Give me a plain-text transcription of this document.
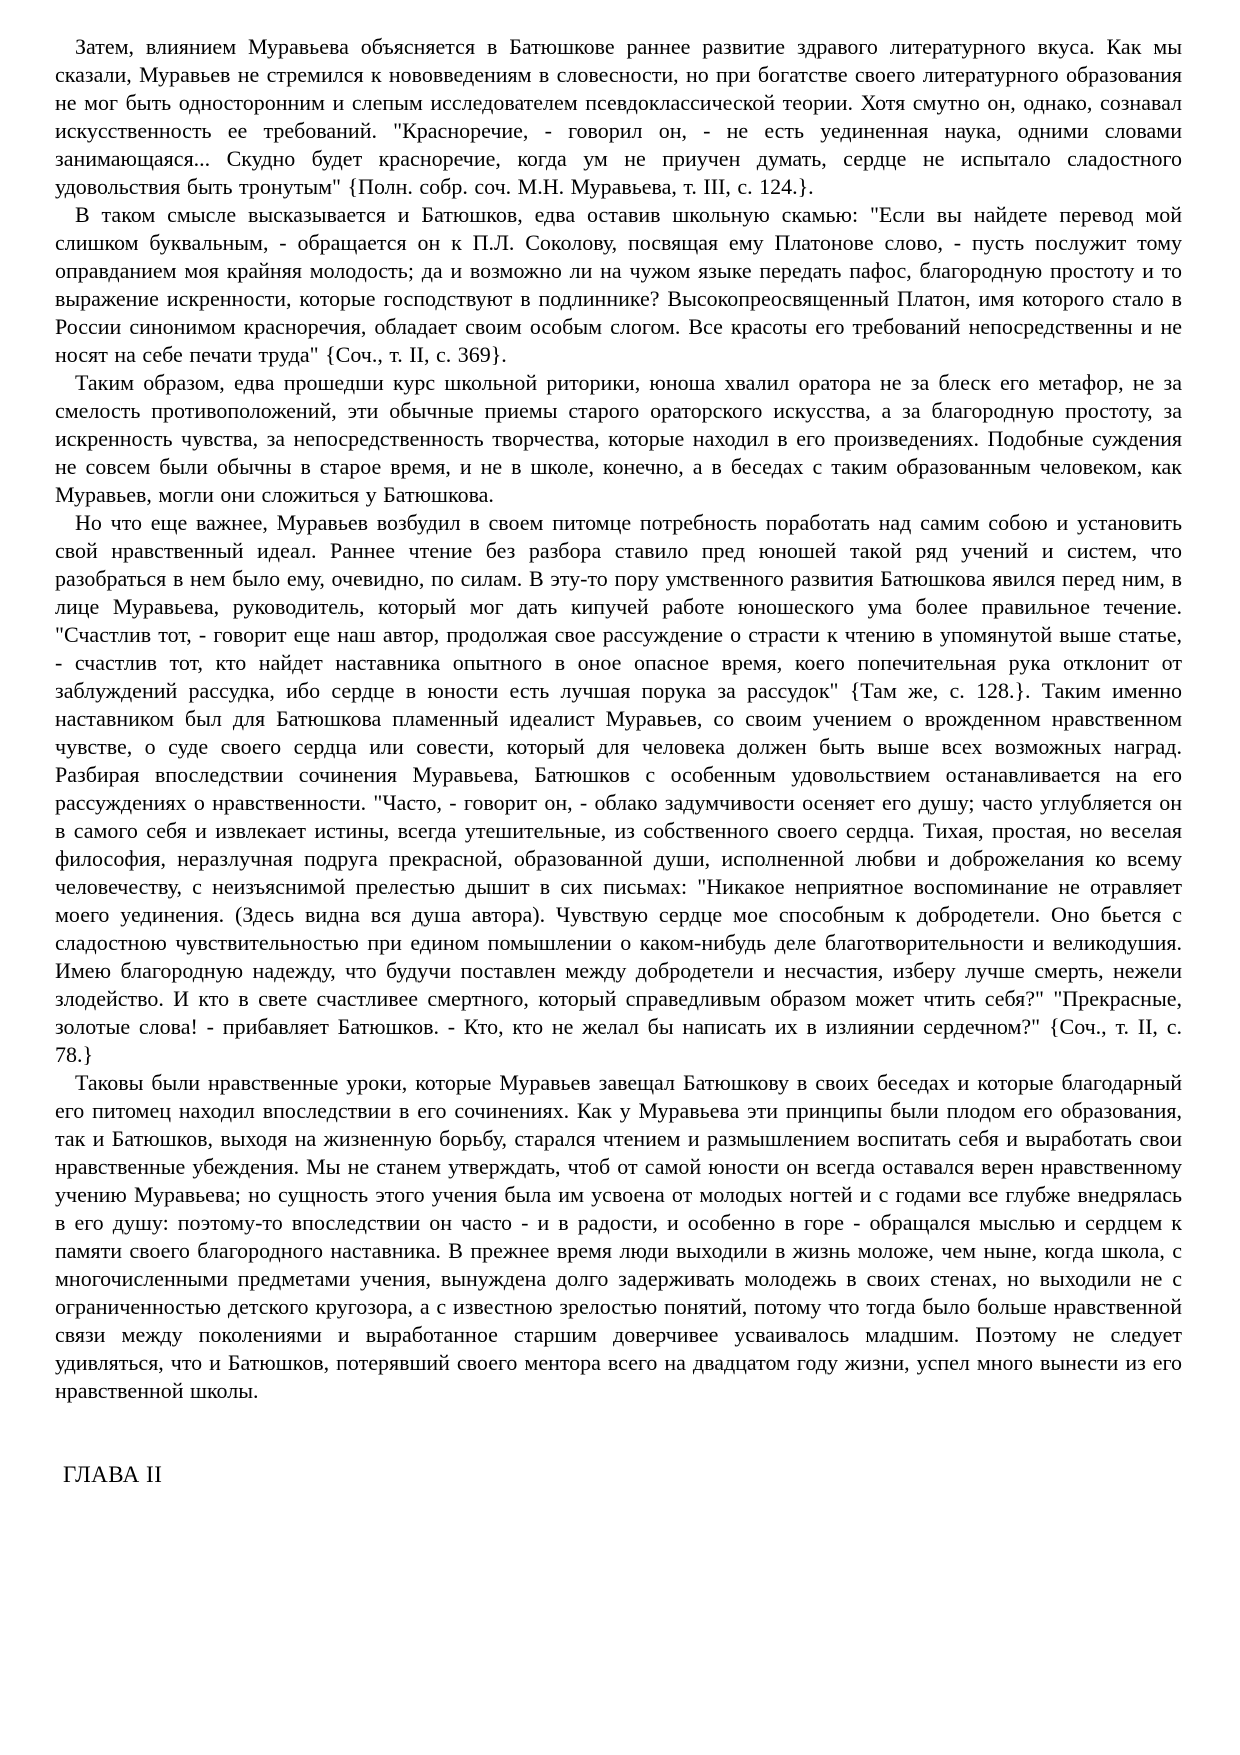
Затем, влиянием Муравьева объясняется в Батюшкове раннее развитие здравого литературного вкуса. Как мы сказали, Муравьев не стремился к нововведениям в словесности, но при богатстве своего литературного образования не мог быть односторонним и слепым исследователем псевдоклассической теории. Хотя смутно он, однако, сознавал искусственность ее требований. "Красноречие, - говорил он, - не есть уединенная наука, одними словами занимающаяся... Скудно будет красноречие, когда ум не приучен думать, сердце не испытало сладостного удовольствия быть тронутым" {Полн. собр. соч. М.Н. Муравьева, т. III, с. 124.}.

В таком смысле высказывается и Батюшков, едва оставив школьную скамью: "Если вы найдете перевод мой слишком буквальным, - обращается он к П.Л. Соколову, посвящая ему Платонове слово, - пусть послужит тому оправданием моя крайняя молодость; да и возможно ли на чужом языке передать пафос, благородную простоту и то выражение искренности, которые господствуют в подлиннике? Высокопреосвященный Платон, имя которого стало в России синонимом красноречия, обладает своим особым слогом. Все красоты его требований непосредственны и не носят на себе печати труда" {Соч., т. II, с. 369}.

Таким образом, едва прошедши курс школьной риторики, юноша хвалил оратора не за блеск его метафор, не за смелость противоположений, эти обычные приемы старого ораторского искусства, а за благородную простоту, за искренность чувства, за непосредственность творчества, которые находил в его произведениях. Подобные суждения не совсем были обычны в старое время, и не в школе, конечно, а в беседах с таким образованным человеком, как Муравьев, могли они сложиться у Батюшкова.

Но что еще важнее, Муравьев возбудил в своем питомце потребность поработать над самим собою и установить свой нравственный идеал. Раннее чтение без разбора ставило пред юношей такой ряд учений и систем, что разобраться в нем было ему, очевидно, по силам. В эту-то пору умственного развития Батюшкова явился перед ним, в лице Муравьева, руководитель, который мог дать кипучей работе юношеского ума более правильное течение. "Счастлив тот, - говорит еще наш автор, продолжая свое рассуждение о страсти к чтению в упомянутой выше статье, - счастлив тот, кто найдет наставника опытного в оное опасное время, коего попечительная рука отклонит от заблуждений рассудка, ибо сердце в юности есть лучшая порука за рассудок" {Там же, с. 128.}. Таким именно наставником был для Батюшкова пламенный идеалист Муравьев, со своим учением о врожденном нравственном чувстве, о суде своего сердца или совести, который для человека должен быть выше всех возможных наград. Разбирая впоследствии сочинения Муравьева, Батюшков с особенным удовольствием останавливается на его рассуждениях о нравственности. "Часто, - говорит он, - облако задумчивости осеняет его душу; часто углубляется он в самого себя и извлекает истины, всегда утешительные, из собственного своего сердца. Тихая, простая, но веселая философия, неразлучная подруга прекрасной, образованной души, исполненной любви и доброжелания ко всему человечеству, с неизъяснимой прелестью дышит в сих письмах: "Никакое неприятное воспоминание не отравляет моего уединения. (Здесь видна вся душа автора). Чувствую сердце мое способным к добродетели. Оно бьется с сладостною чувствительностью при едином помышлении о каком-нибудь деле благотворительности и великодушия. Имею благородную надежду, что будучи поставлен между добродетели и несчастия, изберу лучше смерть, нежели злодейство. И кто в свете счастливее смертного, который справедливым образом может чтить себя?" "Прекрасные, золотые слова! - прибавляет Батюшков. - Кто, кто не желал бы написать их в излиянии сердечном?" {Соч., т. II, с. 78.}

Таковы были нравственные уроки, которые Муравьев завещал Батюшкову в своих беседах и которые благодарный его питомец находил впоследствии в его сочинениях. Как у Муравьева эти принципы были плодом его образования, так и Батюшков, выходя на жизненную борьбу, старался чтением и размышлением воспитать себя и выработать свои нравственные убеждения. Мы не станем утверждать, чтоб от самой юности он всегда оставался верен нравственному учению Муравьева; но сущность этого учения была им усвоена от молодых ногтей и с годами все глубже внедрялась в его душу: поэтому-то впоследствии он часто - и в радости, и особенно в горе - обращался мыслью и сердцем к памяти своего благородного наставника. В прежнее время люди выходили в жизнь моложе, чем ныне, когда школа, с многочисленными предметами учения, вынуждена долго задерживать молодежь в своих стенах, но выходили не с ограниченностью детского кругозора, а с известною зрелостью понятий, потому что тогда было больше нравственной связи между поколениями и выработанное старшим доверчивее усваивалось младшим. Поэтому не следует удивляться, что и Батюшков, потерявший своего ментора всего на двадцатом году жизни, успел много вынести из его нравственной школы.

ГЛАВА II
